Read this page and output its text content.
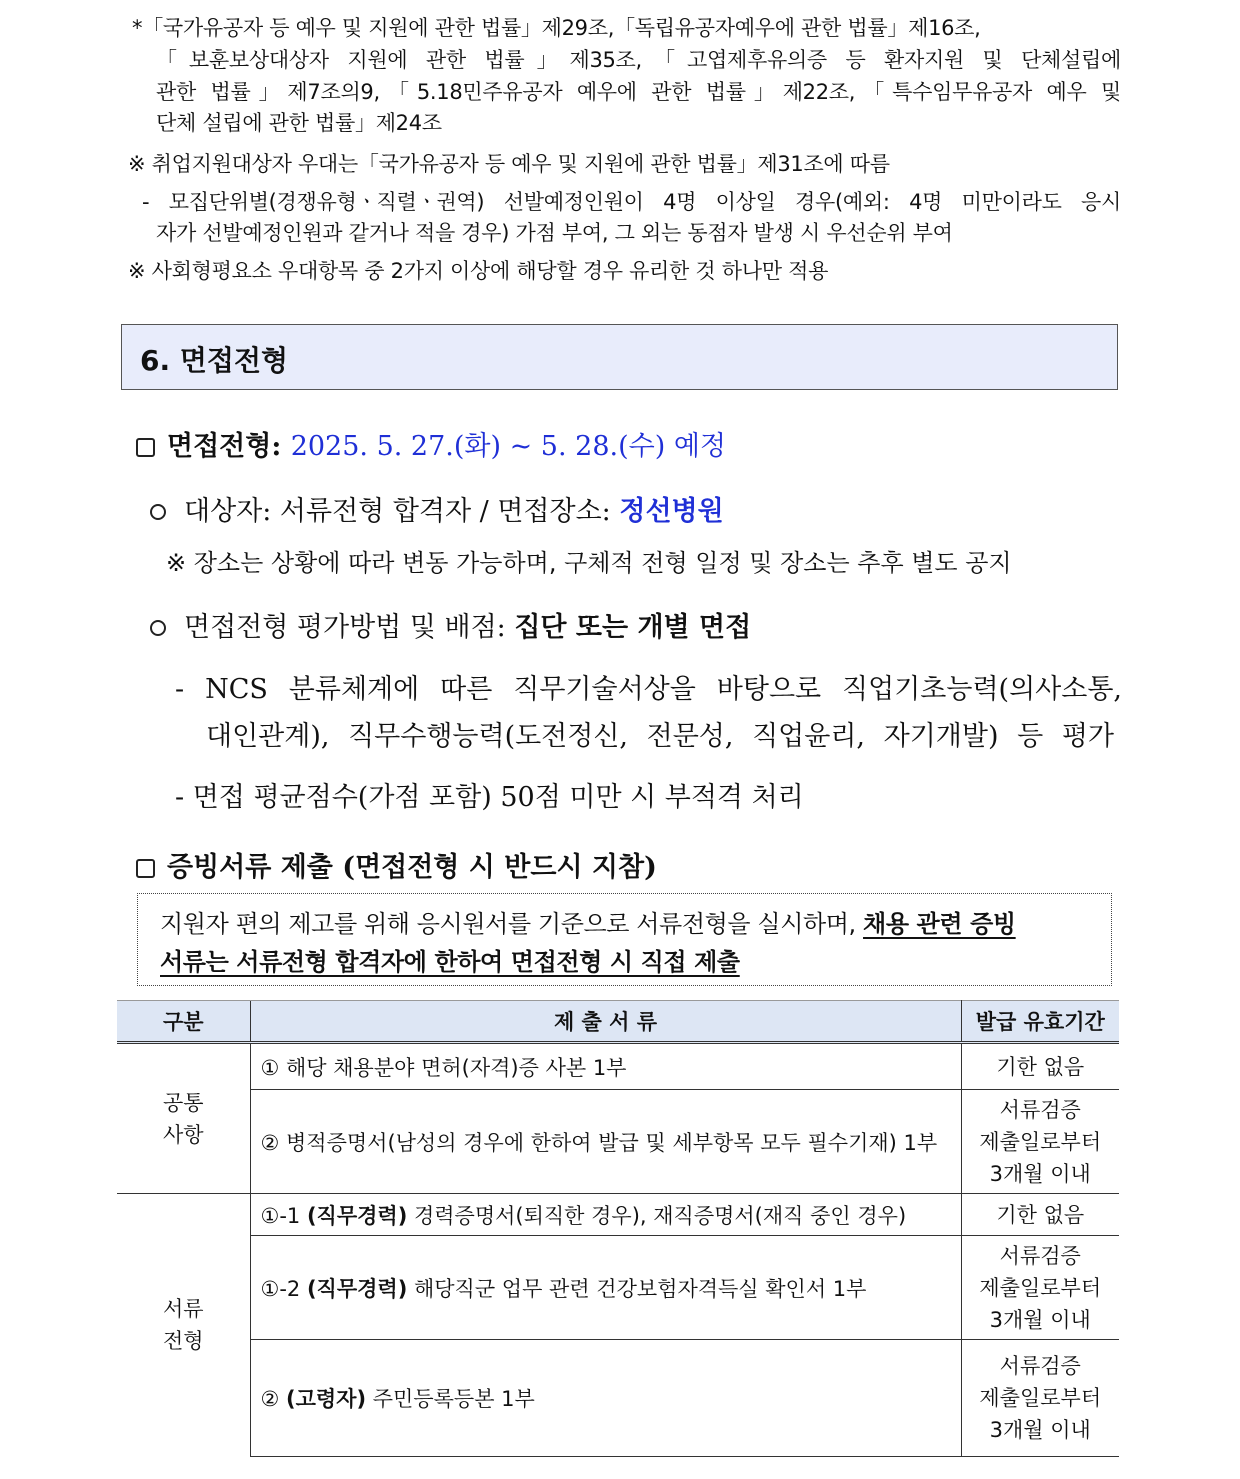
*「국가유공자 등 예우 및 지원에 관한 법률」제29조,「독립유공자예우에 관한 법률」제16조,
「보훈보상대상자 지원에 관한 법률」제35조,「고엽제후유의증 등 환자지원 및 단체설립에
관한 법률」제7조의9,「5.18민주유공자 예우에 관한 법률」제22조,「특수임무유공자 예우 및
단체 설립에 관한 법률」제24조
※ 취업지원대상자 우대는「국가유공자 등 예우 및 지원에 관한 법률」제31조에 따름
- 모집단위별(경쟁유형ㆍ직렬ㆍ권역) 선발예정인원이 4명 이상일 경우(예외: 4명 미만이라도 응시
자가 선발예정인원과 같거나 적을 경우) 가점 부여, 그 외는 동점자 발생 시 우선순위 부여
※ 사회형평요소 우대항목 중 2가지 이상에 해당할 경우 유리한 것 하나만 적용
6. 면접전형
면접전형: 2025. 5. 27.(화) ~ 5. 28.(수) 예정
대상자: 서류전형 합격자 / 면접장소: 정선병원
※ 장소는 상황에 따라 변동 가능하며, 구체적 전형 일정 및 장소는 추후 별도 공지
면접전형 평가방법 및 배점: 집단 또는 개별 면접
- NCS 분류체계에 따른 직무기술서상을 바탕으로 직업기초능력(의사소통,
대인관계), 직무수행능력(도전정신, 전문성, 직업윤리, 자기개발) 등 평가
- 면접 평균점수(가점 포함) 50점 미만 시 부적격 처리
증빙서류 제출 (면접전형 시 반드시 지참)
지원자 편의 제고를 위해 응시원서를 기준으로 서류전형을 실시하며, 채용 관련 증빙
서류는 서류전형 합격자에 한하여 면접전형 시 직접 제출
구분	제 출 서 류	발급 유효기간

공통
사항	① 해당 채용분야 면허(자격)증 사본 1부	기한 없음

	② 병적증명서(남성의 경우에 한하여 발급 및 세부항목 모두 필수기재) 1부	서류검증
제출일로부터
3개월 이내

서류
전형	①-1 (직무경력) 경력증명서(퇴직한 경우), 재직증명서(재직 중인 경우)	기한 없음

	①-2 (직무경력) 해당직군 업무 관련 건강보험자격득실 확인서 1부	서류검증
제출일로부터
3개월 이내

	② (고령자) 주민등록등본 1부	서류검증
제출일로부터
3개월 이내
